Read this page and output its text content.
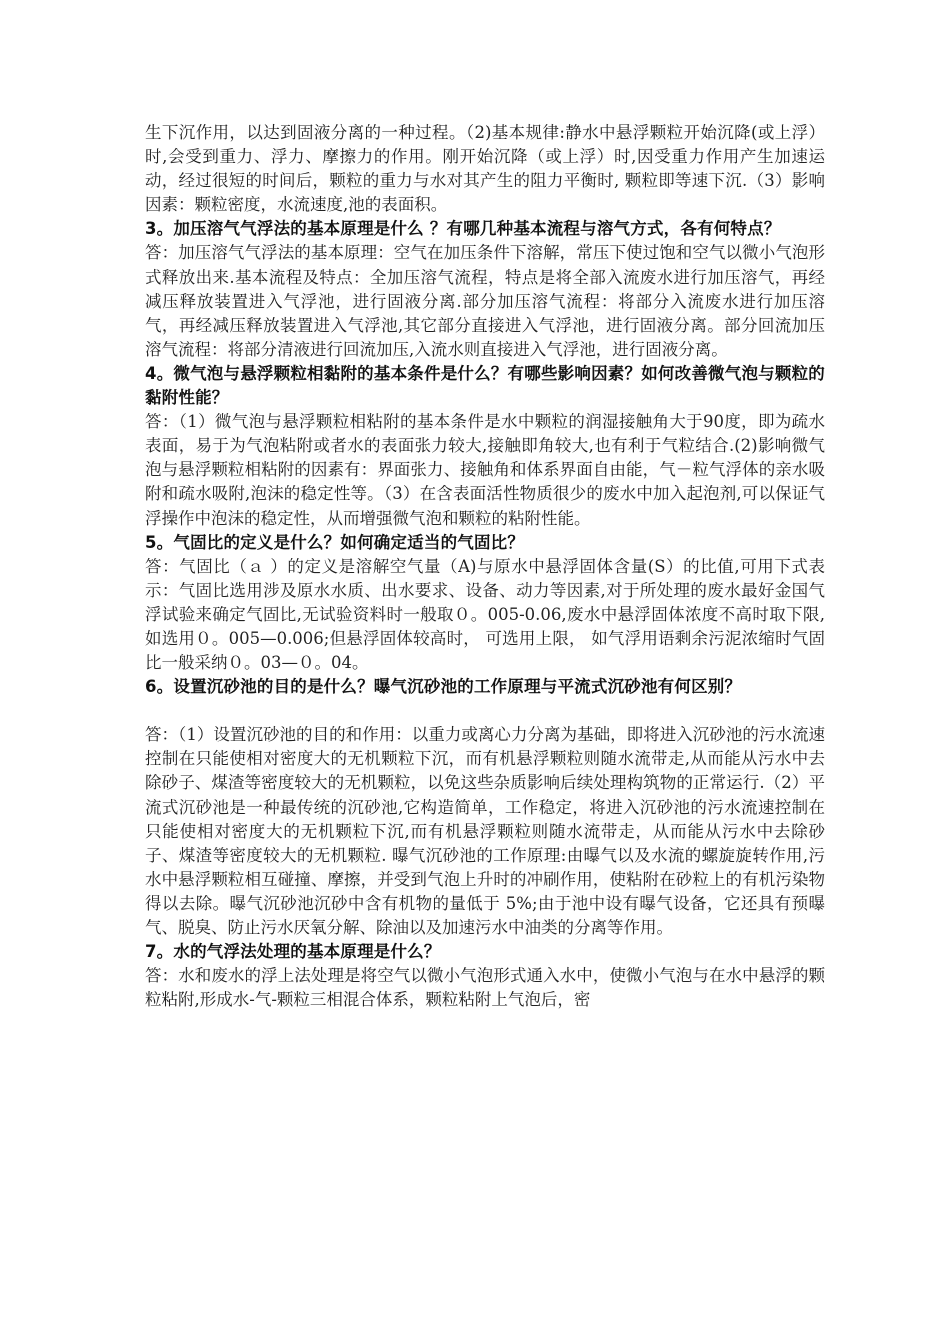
生下沉作用，以达到固液分离的一种过程。（2)基本规律:静水中悬浮颗粒开始沉降(或上浮）时,会受到重力、浮力、摩擦力的作用。刚开始沉降（或上浮）时,因受重力作用产生加速运动，经过很短的时间后，颗粒的重力与水对其产生的阻力平衡时, 颗粒即等速下沉.（3）影响因素：颗粒密度，水流速度,池的表面积。

3。加压溶气气浮法的基本原理是什么 ？有哪几种基本流程与溶气方式，各有何特点？

答：加压溶气气浮法的基本原理：空气在加压条件下溶解，常压下使过饱和空气以微小气泡形式释放出来.基本流程及特点：全加压溶气流程，特点是将全部入流废水进行加压溶气，再经减压释放装置进入气浮池，进行固液分离.部分加压溶气流程：将部分入流废水进行加压溶气，再经减压释放装置进入气浮池,其它部分直接进入气浮池，进行固液分离。部分回流加压溶气流程：将部分清液进行回流加压,入流水则直接进入气浮池，进行固液分离。

4。微气泡与悬浮颗粒相黏附的基本条件是什么？有哪些影响因素？如何改善微气泡与颗粒的黏附性能？

答：（1）微气泡与悬浮颗粒相粘附的基本条件是水中颗粒的润湿接触角大于90度，即为疏水表面，易于为气泡粘附或者水的表面张力较大,接触即角较大,也有利于气粒结合.(2)影响微气泡与悬浮颗粒相粘附的因素有：界面张力、接触角和体系界面自由能，气－粒气浮体的亲水吸附和疏水吸附,泡沫的稳定性等。（3）在含表面活性物质很少的废水中加入起泡剂,可以保证气浮操作中泡沫的稳定性，从而增强微气泡和颗粒的粘附性能。

5。气固比的定义是什么？如何确定适当的气固比？

答：气固比（ａ ）的定义是溶解空气量（A)与原水中悬浮固体含量(S）的比值,可用下式表示：气固比选用涉及原水水质、出水要求、设备、动力等因素,对于所处理的废水最好金国气浮试验来确定气固比,无试验资料时一般取０。005-0.06,废水中悬浮固体浓度不高时取下限,如选用０。005—0.006;但悬浮固体较高时， 可选用上限， 如气浮用语剩余污泥浓缩时气固比一般采纳０。03—０。04。

6。设置沉砂池的目的是什么？曝气沉砂池的工作原理与平流式沉砂池有何区别？

答：（1）设置沉砂池的目的和作用：以重力或离心力分离为基础，即将进入沉砂池的污水流速控制在只能使相对密度大的无机颗粒下沉，而有机悬浮颗粒则随水流带走,从而能从污水中去除砂子、煤渣等密度较大的无机颗粒，以免这些杂质影响后续处理构筑物的正常运行.（2）平流式沉砂池是一种最传统的沉砂池,它构造简单，工作稳定，将进入沉砂池的污水流速控制在只能使相对密度大的无机颗粒下沉,而有机悬浮颗粒则随水流带走，从而能从污水中去除砂子、煤渣等密度较大的无机颗粒. 曝气沉砂池的工作原理:由曝气以及水流的螺旋旋转作用,污水中悬浮颗粒相互碰撞、摩擦，并受到气泡上升时的冲刷作用，使粘附在砂粒上的有机污染物得以去除。曝气沉砂池沉砂中含有机物的量低于 5%;由于池中设有曝气设备，它还具有预曝气、脱臭、防止污水厌氧分解、除油以及加速污水中油类的分离等作用。

7。水的气浮法处理的基本原理是什么？

答：水和废水的浮上法处理是将空气以微小气泡形式通入水中，使微小气泡与在水中悬浮的颗粒粘附,形成水-气-颗粒三相混合体系，颗粒粘附上气泡后，密
